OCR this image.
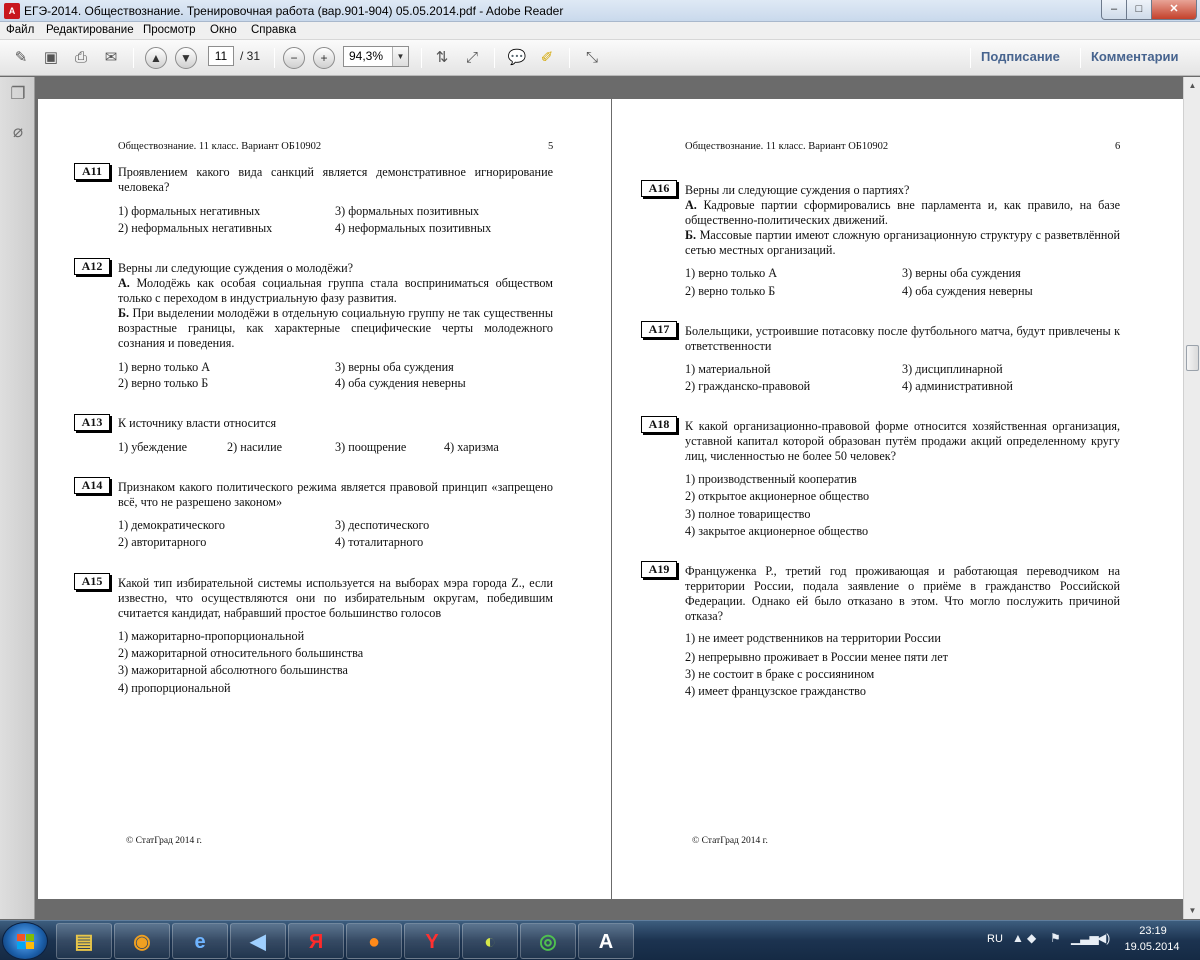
A ЕГЭ-2014. Обществознание. Тренировочная работа (вар.901-904) 05.05.2014.pdf - Adobe Reader	–	□	✕
Файл Редактирование Просмотр Окно Справка
✎	▣	⎙	✉	▲	▼	−	+	⇅	⤢	💬 ✐	⤡
11	/ 31	94,3%	▼	Подписание Комментарии
❐
⌀
Обществознание. 11 класс. Вариант ОБ10902	5
A11	Проявлением какого вида санкций является демонстративное игнорирование человека?
1) формальных негативных	3) формальных позитивных
2) неформальных негативных	4) неформальных позитивных
A12	Верны ли следующие суждения о молодёжи?
А. Молодёжь как особая социальная группа стала восприниматься обществом только с переходом в индустриальную фазу развития.
Б. При выделении молодёжи в отдельную социальную группу не так существенны возрастные границы, как характерные специфические черты молодежного сознания и поведения.
1) верно только А	3) верны оба суждения
2) верно только Б	4) оба суждения неверны
A13	К источнику власти относится
1) убеждение	2) насилие	3) поощрение	4) харизма
A14	Признаком какого политического режима является правовой принцип «запрещено всё, что не разрешено законом»
1) демократического	3) деспотического
2) авторитарного	4) тоталитарного
A15	Какой тип избирательной системы используется на выборах мэра города Z., если известно, что осуществляются они по избирательным округам, победившим считается кандидат, набравший простое большинство голосов
1) мажоритарно-пропорциональной
2) мажоритарной относительного большинства
3) мажоритарной абсолютного большинства
4) пропорциональной
© СтатГрад 2014 г.
Обществознание. 11 класс. Вариант ОБ10902	6
A16	Верны ли следующие суждения о партиях?
А. Кадровые партии сформировались вне парламента и, как правило, на базе общественно-политических движений.
Б. Массовые партии имеют сложную организационную структуру с разветвлённой сетью местных организаций.
1) верно только А	3) верны оба суждения
2) верно только Б	4) оба суждения неверны
A17	Болельщики, устроившие потасовку после футбольного матча, будут привлечены к ответственности
1) материальной	3) дисциплинарной
2) гражданско-правовой	4) административной
A18	К какой организационно-правовой форме относится хозяйственная организация, уставной капитал которой образован путём продажи акций определенному кругу лиц, численностью не более 50 человек?
1) производственный кооператив
2) открытое акционерное общество
3) полное товарищество
4) закрытое акционерное общество
A19	Француженка Р., третий год проживающая и работающая переводчиком на территории России, подала заявление о приёме в гражданство Российской Федерации. Однако ей было отказано в этом. Что могло послужить причиной отказа?
1) не имеет родственников на территории России
2) непрерывно проживает в России менее пяти лет
3) не состоит в браке с россиянином
4) имеет французское гражданство
© СтатГрад 2014 г.
▲
▼
▤	◉	e	◀	Я	●	Y	◐	◎	A	RU ▲ ◆ ⚑ ▁▃▅
◀)	23:19
19.05.2014
